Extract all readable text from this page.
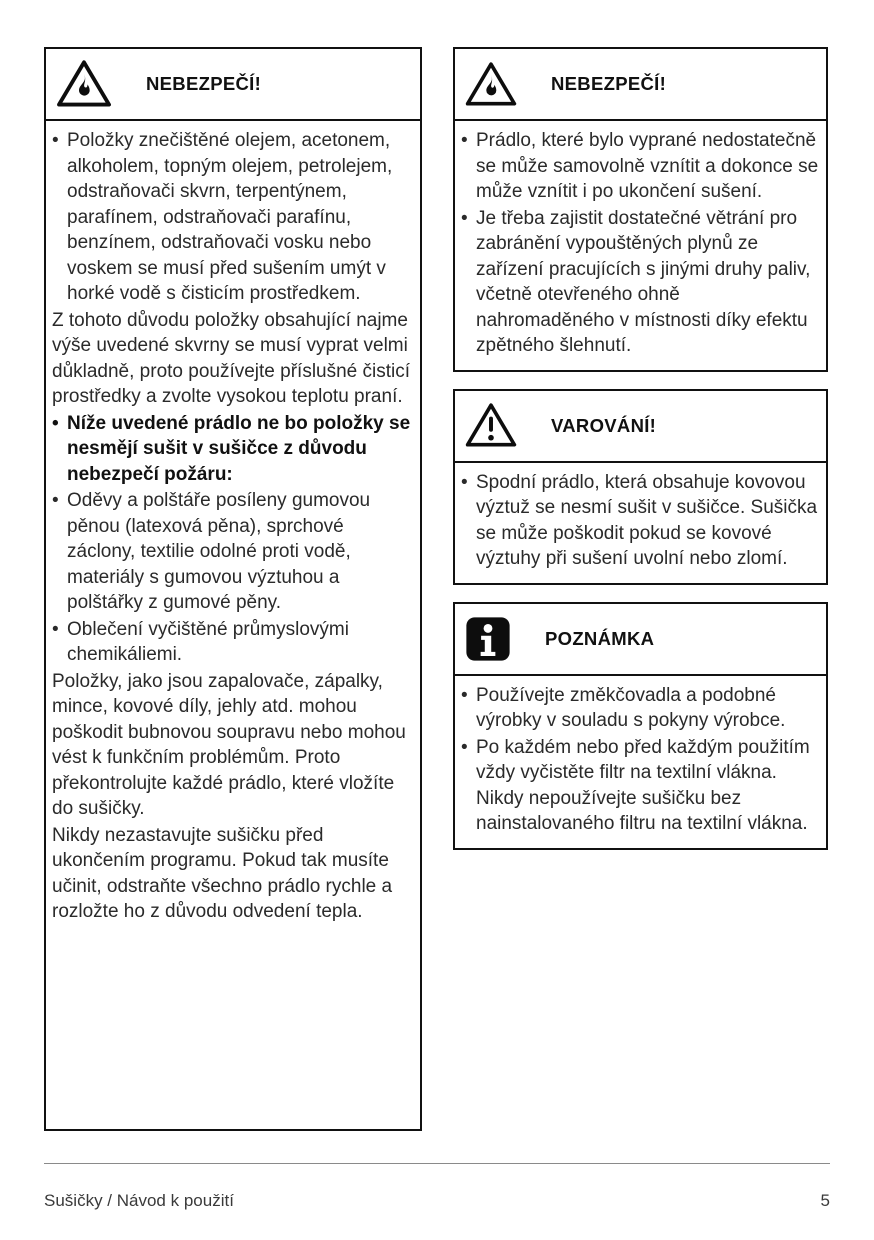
NEBEZPEČÍ!
• Položky znečištěné olejem, acetonem, alkoholem, topným olejem, petrolejem, odstraňovači skvrn, terpentýnem, parafínem, odstraňovači parafínu, benzínem, odstraňovači vosku nebo voskem se musí před sušením umýt v horké vodě s čisticím prostředkem.
Z tohoto důvodu položky obsahující najme výše uvedené skvrny se musí vyprat velmi důkladně, proto používejte příslušné čisticí prostředky a zvolte vysokou teplotu praní.
• Níže uvedené prádlo ne bo položky se nesmějí sušit v sušičce z důvodu nebezpečí požáru:
• Oděvy a polštáře posíleny gumovou pěnou (latexová pěna), sprchové záclony, textilie odolné proti vodě, materiály s gumovou výztuhou a polštářky z gumové pěny.
• Oblečení vyčištěné průmyslovými chemikáliemi.
Položky, jako jsou zapalovače, zápalky, mince, kovové díly, jehly atd. mohou poškodit bubnovou soupravu nebo mohou vést k funkčním problémům. Proto překontrolujte každé prádlo, které vložíte do sušičky.
Nikdy nezastavujte sušičku před ukončením programu. Pokud tak musíte učinit, odstraňte všechno prádlo rychle a rozložte ho z důvodu odvedení tepla.
NEBEZPEČÍ!
• Prádlo, které bylo vyprané nedostatečně se může samovolně vznítit a dokonce se může vznítit i po ukončení sušení.
• Je třeba zajistit dostatečné větrání pro zabránění vypouštěných plynů ze zařízení pracujících s jinými druhy paliv, včetně otevřeného ohně nahromaděného v místnosti díky efektu zpětného šlehnutí.
VAROVÁNÍ!
• Spodní prádlo, která obsahuje kovovou výztuž se nesmí sušit v sušičce. Sušička se může poškodit pokud se kovové výztuhy při sušení uvolní nebo zlomí.
POZNÁMKA
• Používejte změkčovadla a podobné výrobky v souladu s pokyny výrobce.
• Po každém nebo před každým použitím vždy vyčistěte filtr na textilní vlákna. Nikdy nepoužívejte sušičku bez nainstalovaného filtru na textilní vlákna.
Sušičky / Návod k použití	5
